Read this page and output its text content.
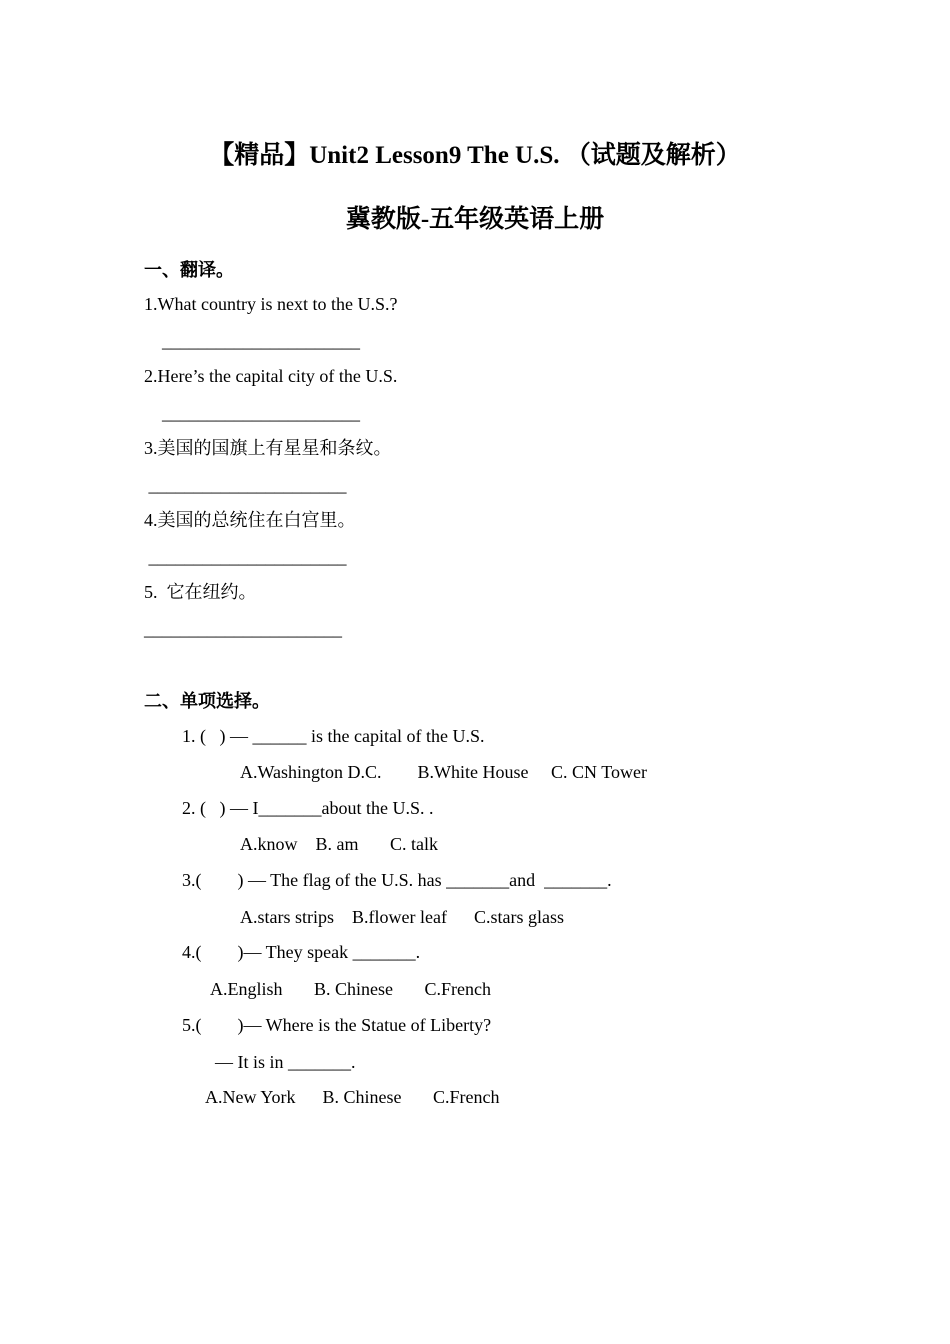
【精品】Unit2 Lesson9 The U.S. （试题及解析）
冀教版-五年级英语上册
一、翻译。
1.What country is next to the U.S.?
______________________
2.Here’s the capital city of the U.S.
______________________
3.美国的国旗上有星星和条纹。
______________________
4.美国的总统住在白宫里。
______________________
5.  它在纽约。
______________________
二、单项选择。
1. (   ) — ______ is the capital of the U.S.
A.Washington D.C.        B.White House     C. CN Tower
2. (   ) — I_______about the U.S. .
A.know    B. am       C. talk
3.(        ) — The flag of the U.S. has _______and  _______.
A.stars strips    B.flower leaf      C.stars glass
4.(        )— They speak _______.
A.English       B. Chinese       C.French
5.(        )— Where is the Statue of Liberty?
— It is in _______.
A.New York      B. Chinese       C.French
